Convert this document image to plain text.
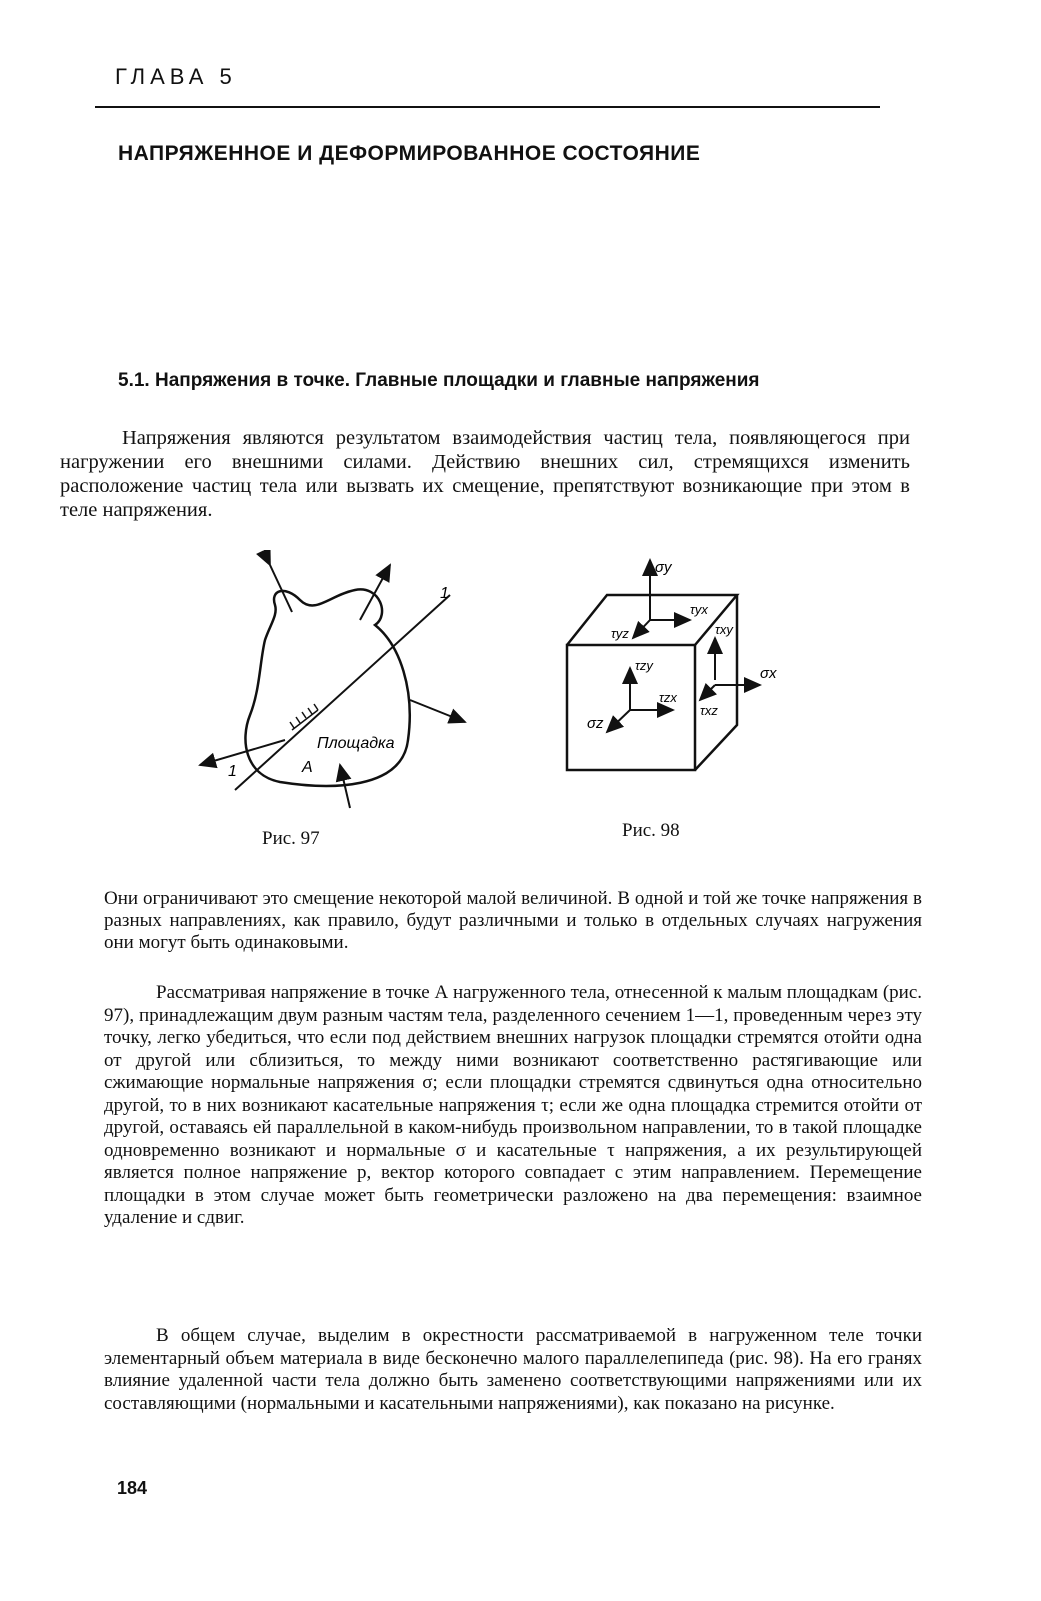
ГЛАВА 5
НАПРЯЖЕННОЕ И ДЕФОРМИРОВАННОЕ СОСТОЯНИЕ
5.1. Напряжения в точке. Главные площадки и главные напряжения
Напряжения являются результатом взаимодействия частиц тела, появляющегося при нагружении его внешними силами. Действию внешних сил, стремящихся изменить расположение частиц тела или вызвать их смещение, препятствуют возникающие при этом в теле напряжения.
1
1
Площадка
А
Рис. 97
σy
τyx
τyz	τxy
τzy	σx
τzx
τxz
σz
Рис. 98
Они ограничивают это смещение некоторой малой величиной. В одной и той же точке напряжения в разных направлениях, как правило, будут различными и только в отдельных случаях нагружения они могут быть одинаковыми.
Рассматривая напряжение в точке А нагруженного тела, отнесенной к малым площадкам (рис. 97), принадлежащим двум разным частям тела, разделенного сечением 1—1, проведенным через эту точку, легко убедиться, что если под действием внешних нагрузок площадки стремятся отойти одна от другой или сблизиться, то между ними возникают соответственно растягивающие или сжимающие нормальные напряжения σ; если площадки стремятся сдвинуться одна относительно другой, то в них возникают касательные напряжения τ; если же одна площадка стремится отойти от другой, оставаясь ей параллельной в каком-нибудь произвольном направлении, то в такой площадке одновременно возникают и нормальные σ и касательные τ напряжения, а их результирующей является полное напряжение p, вектор которого совпадает с этим направлением. Перемещение площадки в этом случае может быть геометрически разложено на два перемещения: взаимное удаление и сдвиг.
В общем случае, выделим в окрестности рассматриваемой в нагруженном теле точки элементарный объем материала в виде бесконечно малого параллелепипеда (рис. 98). На его гранях влияние удаленной части тела должно быть заменено соответствующими напряжениями или их составляющими (нормальными и касательными напряжениями), как показано на рисунке.
184
